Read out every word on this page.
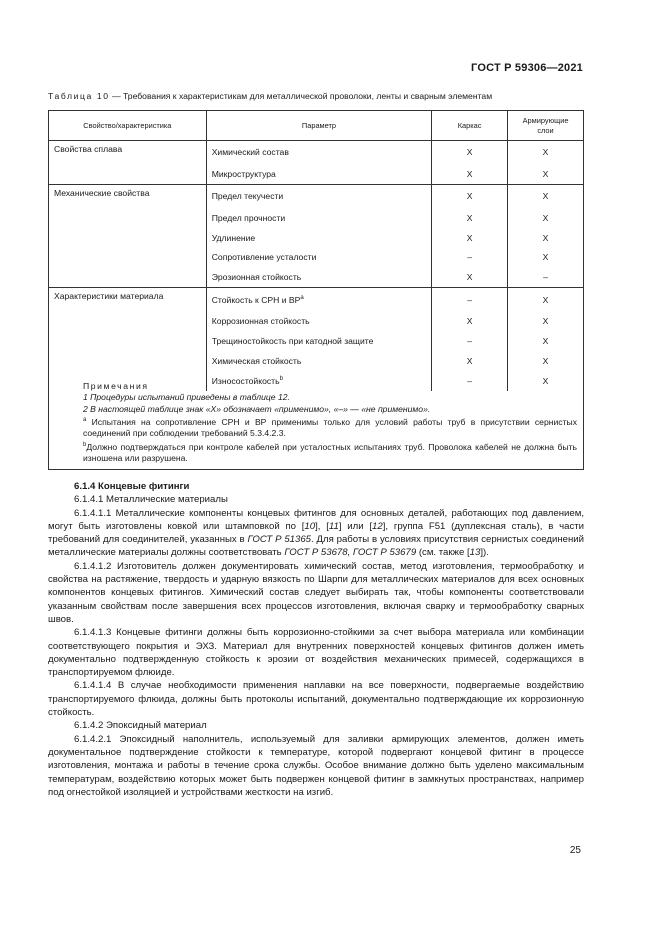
ГОСТ Р 59306—2021
Таблица 10 — Требования к характеристикам для металлической проволоки, ленты и сварным элементам
Свойство/характеристика	Параметр	Каркас	Армирующие слои
Свойства сплава	Химический состав	X	X
	Микроструктура	X	X
Механические свойства	Предел текучести	X	X
	Предел прочности	X	X
	Удлинение	X	X
	Сопротивление усталости	–	X
	Эрозионная стойкость	X	–
Характеристики материала	Стойкость к СРН и $ВР^a$	–	X
	Коррозионная стойкость	X	X
	Трещиностойкость при катодной защите	–	X
	Химическая стойкость	X	X
	Износостойкость$^b$	–	X

Примечания

1 Процедуры испытаний приведены в таблице 12.

2 В настоящей таблице знак «X» обозначает «применимо», «–» — «не применимо».

$^a$ Испытания на сопротивление СРН и ВР применимы только для условий работы труб в присутствии сернистых соединений при соблюдении требований 5.3.4.2.3.

$^b$Должно подтверждаться при контроле кабелей при усталостных испытаниях труб. Проволока кабелей не должна быть изношена или разрушена.

6.1.4 Концевые фитинги

6.1.4.1 Металлические материалы

6.1.4.1.1 Металлические компоненты концевых фитингов для основных деталей, работающих под давлением, могут быть изготовлены ковкой или штамповкой по [10], [11] или [12], группа F51 (дуплексная сталь), в части требований для соединителей, указанных в ГОСТ Р 51365. Для работы в условиях присутствия сернистых соединений металлические материалы должны соответствовать ГОСТ Р 53678, ГОСТ Р 53679 (см. также [13]).

6.1.4.1.2 Изготовитель должен документировать химический состав, метод изготовления, термообработку и свойства на растяжение, твердость и ударную вязкость по Шарпи для металлических материалов для всех основных компонентов концевых фитингов. Химический состав следует выбирать так, чтобы компоненты соответствовали указанным свойствам после завершения всех процессов изготовления, включая сварку и термообработку сварных швов.

6.1.4.1.3 Концевые фитинги должны быть коррозионно-стойкими за счет выбора материала или комбинации соответствующего покрытия и ЭХЗ. Материал для внутренних поверхностей концевых фитингов должен иметь документально подтвержденную стойкость к эрозии от воздействия механических примесей, содержащихся в транспортируемом флюиде.

6.1.4.1.4 В случае необходимости применения наплавки на все поверхности, подвергаемые воздействию транспортируемого флюида, должны быть протоколы испытаний, документально подтверждающие их коррозионную стойкость.

6.1.4.2 Эпоксидный материал

6.1.4.2.1 Эпоксидный наполнитель, используемый для заливки армирующих элементов, должен иметь документальное подтверждение стойкости к температуре, которой подвергают концевой фитинг в процессе изготовления, монтажа и работы в течение срока службы. Особое внимание должно быть уделено максимальным температурам, воздействию которых может быть подвержен концевой фитинг в замкнутых пространствах, например под огнестойкой изоляцией и устройствами жесткости на изгиб.

25
